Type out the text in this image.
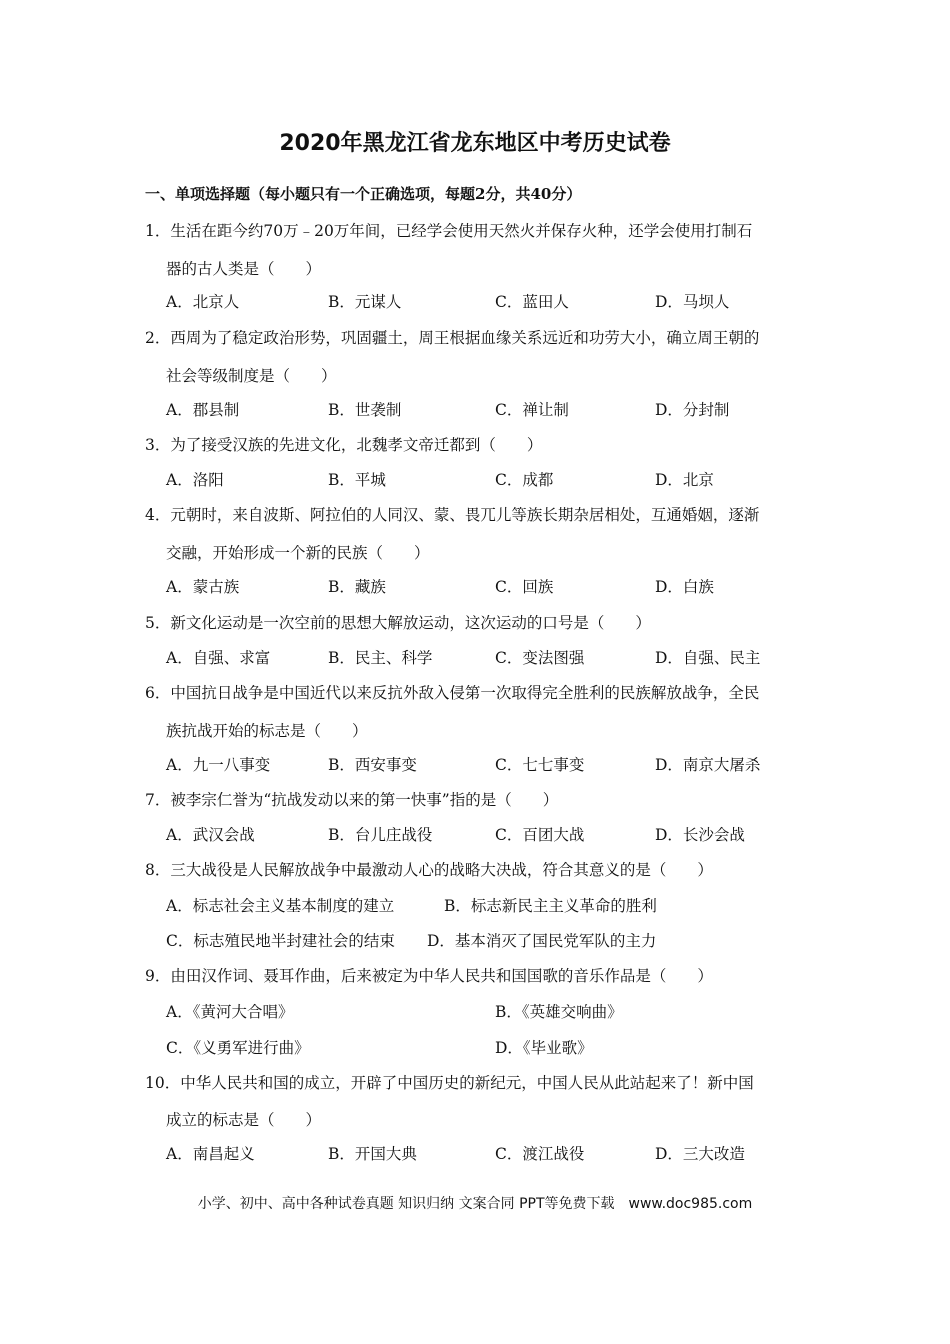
2020年黑龙江省龙东地区中考历史试卷
一、单项选择题（每小题只有一个正确选项，每题2分，共40分）
1．生活在距今约70万﹣20万年间，已经学会使用天然火并保存火种，还学会使用打制石
器的古人类是（　　）
A．北京人	B．元谋人	C．蓝田人	D．马坝人
2．西周为了稳定政治形势，巩固疆土，周王根据血缘关系远近和功劳大小，确立周王朝的
社会等级制度是（　　）
A．郡县制	B．世袭制	C．禅让制	D．分封制
3．为了接受汉族的先进文化，北魏孝文帝迁都到（　　）
A．洛阳	B．平城	C．成都	D．北京
4．元朝时，来自波斯、阿拉伯的人同汉、蒙、畏兀儿等族长期杂居相处，互通婚姻，逐渐
交融，开始形成一个新的民族（　　）
A．蒙古族	B．藏族	C．回族	D．白族
5．新文化运动是一次空前的思想大解放运动，这次运动的口号是（　　）
A．自强、求富	B．民主、科学	C．变法图强	D．自强、民主
6．中国抗日战争是中国近代以来反抗外敌入侵第一次取得完全胜利的民族解放战争，全民
族抗战开始的标志是（　　）
A．九一八事变	B．西安事变	C．七七事变	D．南京大屠杀
7．被李宗仁誉为“抗战发动以来的第一快事”指的是（　　）
A．武汉会战	B．台儿庄战役	C．百团大战	D．长沙会战
8．三大战役是人民解放战争中最激动人心的战略大决战，符合其意义的是（　　）
A．标志社会主义基本制度的建立	B．标志新民主主义革命的胜利
C．标志殖民地半封建社会的结束 D．基本消灭了国民党军队的主力
9．由田汉作词、聂耳作曲，后来被定为中华人民共和国国歌的音乐作品是（　　）
A．《黄河大合唱》	B．《英雄交响曲》
C．《义勇军进行曲》	D．《毕业歌》
10．中华人民共和国的成立，开辟了中国历史的新纪元，中国人民从此站起来了！新中国
成立的标志是（　　）
A．南昌起义	B．开国大典	C．渡江战役	D．三大改造
小学、初中、高中各种试卷真题 知识归纳 文案合同 PPT等免费下载　www.doc985.com
